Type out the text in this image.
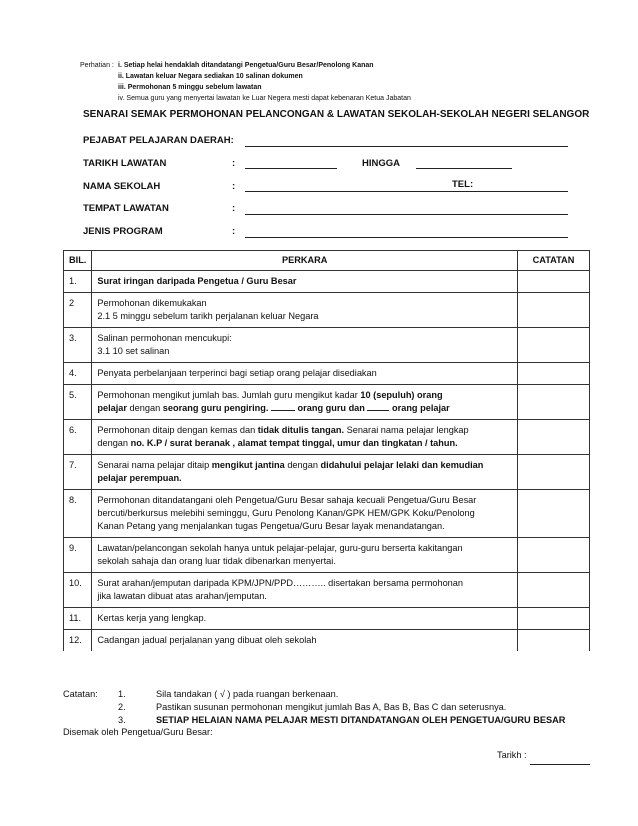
Perhatian : i. Setiap helai hendaklah ditandatangi Pengetua/Guru Besar/Penolong Kanan
ii. Lawatan keluar Negara sediakan 10 salinan dokumen
iii. Permohonan 5 minggu sebelum lawatan
iv. Semua guru yang menyertai lawatan ke Luar Negera mesti dapat kebenaran Ketua Jabatan
SENARAI SEMAK PERMOHONAN PELANCONGAN & LAWATAN SEKOLAH-SEKOLAH NEGERI SELANGOR
PEJABAT PELAJARAN DAERAH:
TARIKH LAWATAN	:	HINGGA
NAMA SEKOLAH	:	TEL:
TEMPAT LAWATAN	:
JENIS PROGRAM	:
BIL.	PERKARA	CATATAN
1.	Surat iringan daripada Pengetua / Guru Besar	
2	Permohonan dikemukakan
2.1 5 minggu sebelum tarikh perjalanan keluar Negara	

3.	Salinan permohonan mencukupi:
3.1 10 set salinan	

4.	Penyata perbelanjaan terperinci bagi setiap orang pelajar disediakan	

5.	Permohonan mengikut jumlah bas. Jumlah guru mengikut kadar 10 (sepuluh) orang
pelajar dengan seorang guru pengiring. orang guru dan  orang pelajar	

6.	Permohonan ditaip dengan kemas dan tidak ditulis tangan. Senarai nama pelajar lengkap
dengan no. K.P / surat beranak , alamat tempat tinggal, umur dan tingkatan / tahun.	

7.	Senarai nama pelajar ditaip mengikut jantina dengan didahului pelajar lelaki dan kemudian
pelajar perempuan.	

8.	Permohonan ditandatangani oleh Pengetua/Guru Besar sahaja kecuali Pengetua/Guru Besar
bercuti/berkursus melebihi seminggu, Guru Penolong Kanan/GPK HEM/GPK Koku/Penolong
Kanan Petang yang menjalankan tugas Pengetua/Guru Besar layak menandatangan.	

9.	Lawatan/pelancongan sekolah hanya untuk pelajar-pelajar, guru-guru berserta kakitangan
sekolah sahaja dan orang luar tidak dibenarkan menyertai.	

10.	Surat arahan/jemputan daripada KPM/JPN/PPD……….. disertakan bersama permohonan
jika lawatan dibuat atas arahan/jemputan.	

11.	Kertas kerja yang lengkap.	

12.	Cadangan jadual perjalanan yang dibuat oleh sekolah	

Catatan:	1.	Sila tandakan ( √ ) pada ruangan berkenaan.
2.	Pastikan susunan permohonan mengikut jumlah Bas A, Bas B, Bas C dan seterusnya.
3.	SETIAP HELAIAN NAMA PELAJAR MESTI DITANDATANGAN OLEH PENGETUA/GURU BESAR
Disemak oleh Pengetua/Guru Besar:
Tarikh :
